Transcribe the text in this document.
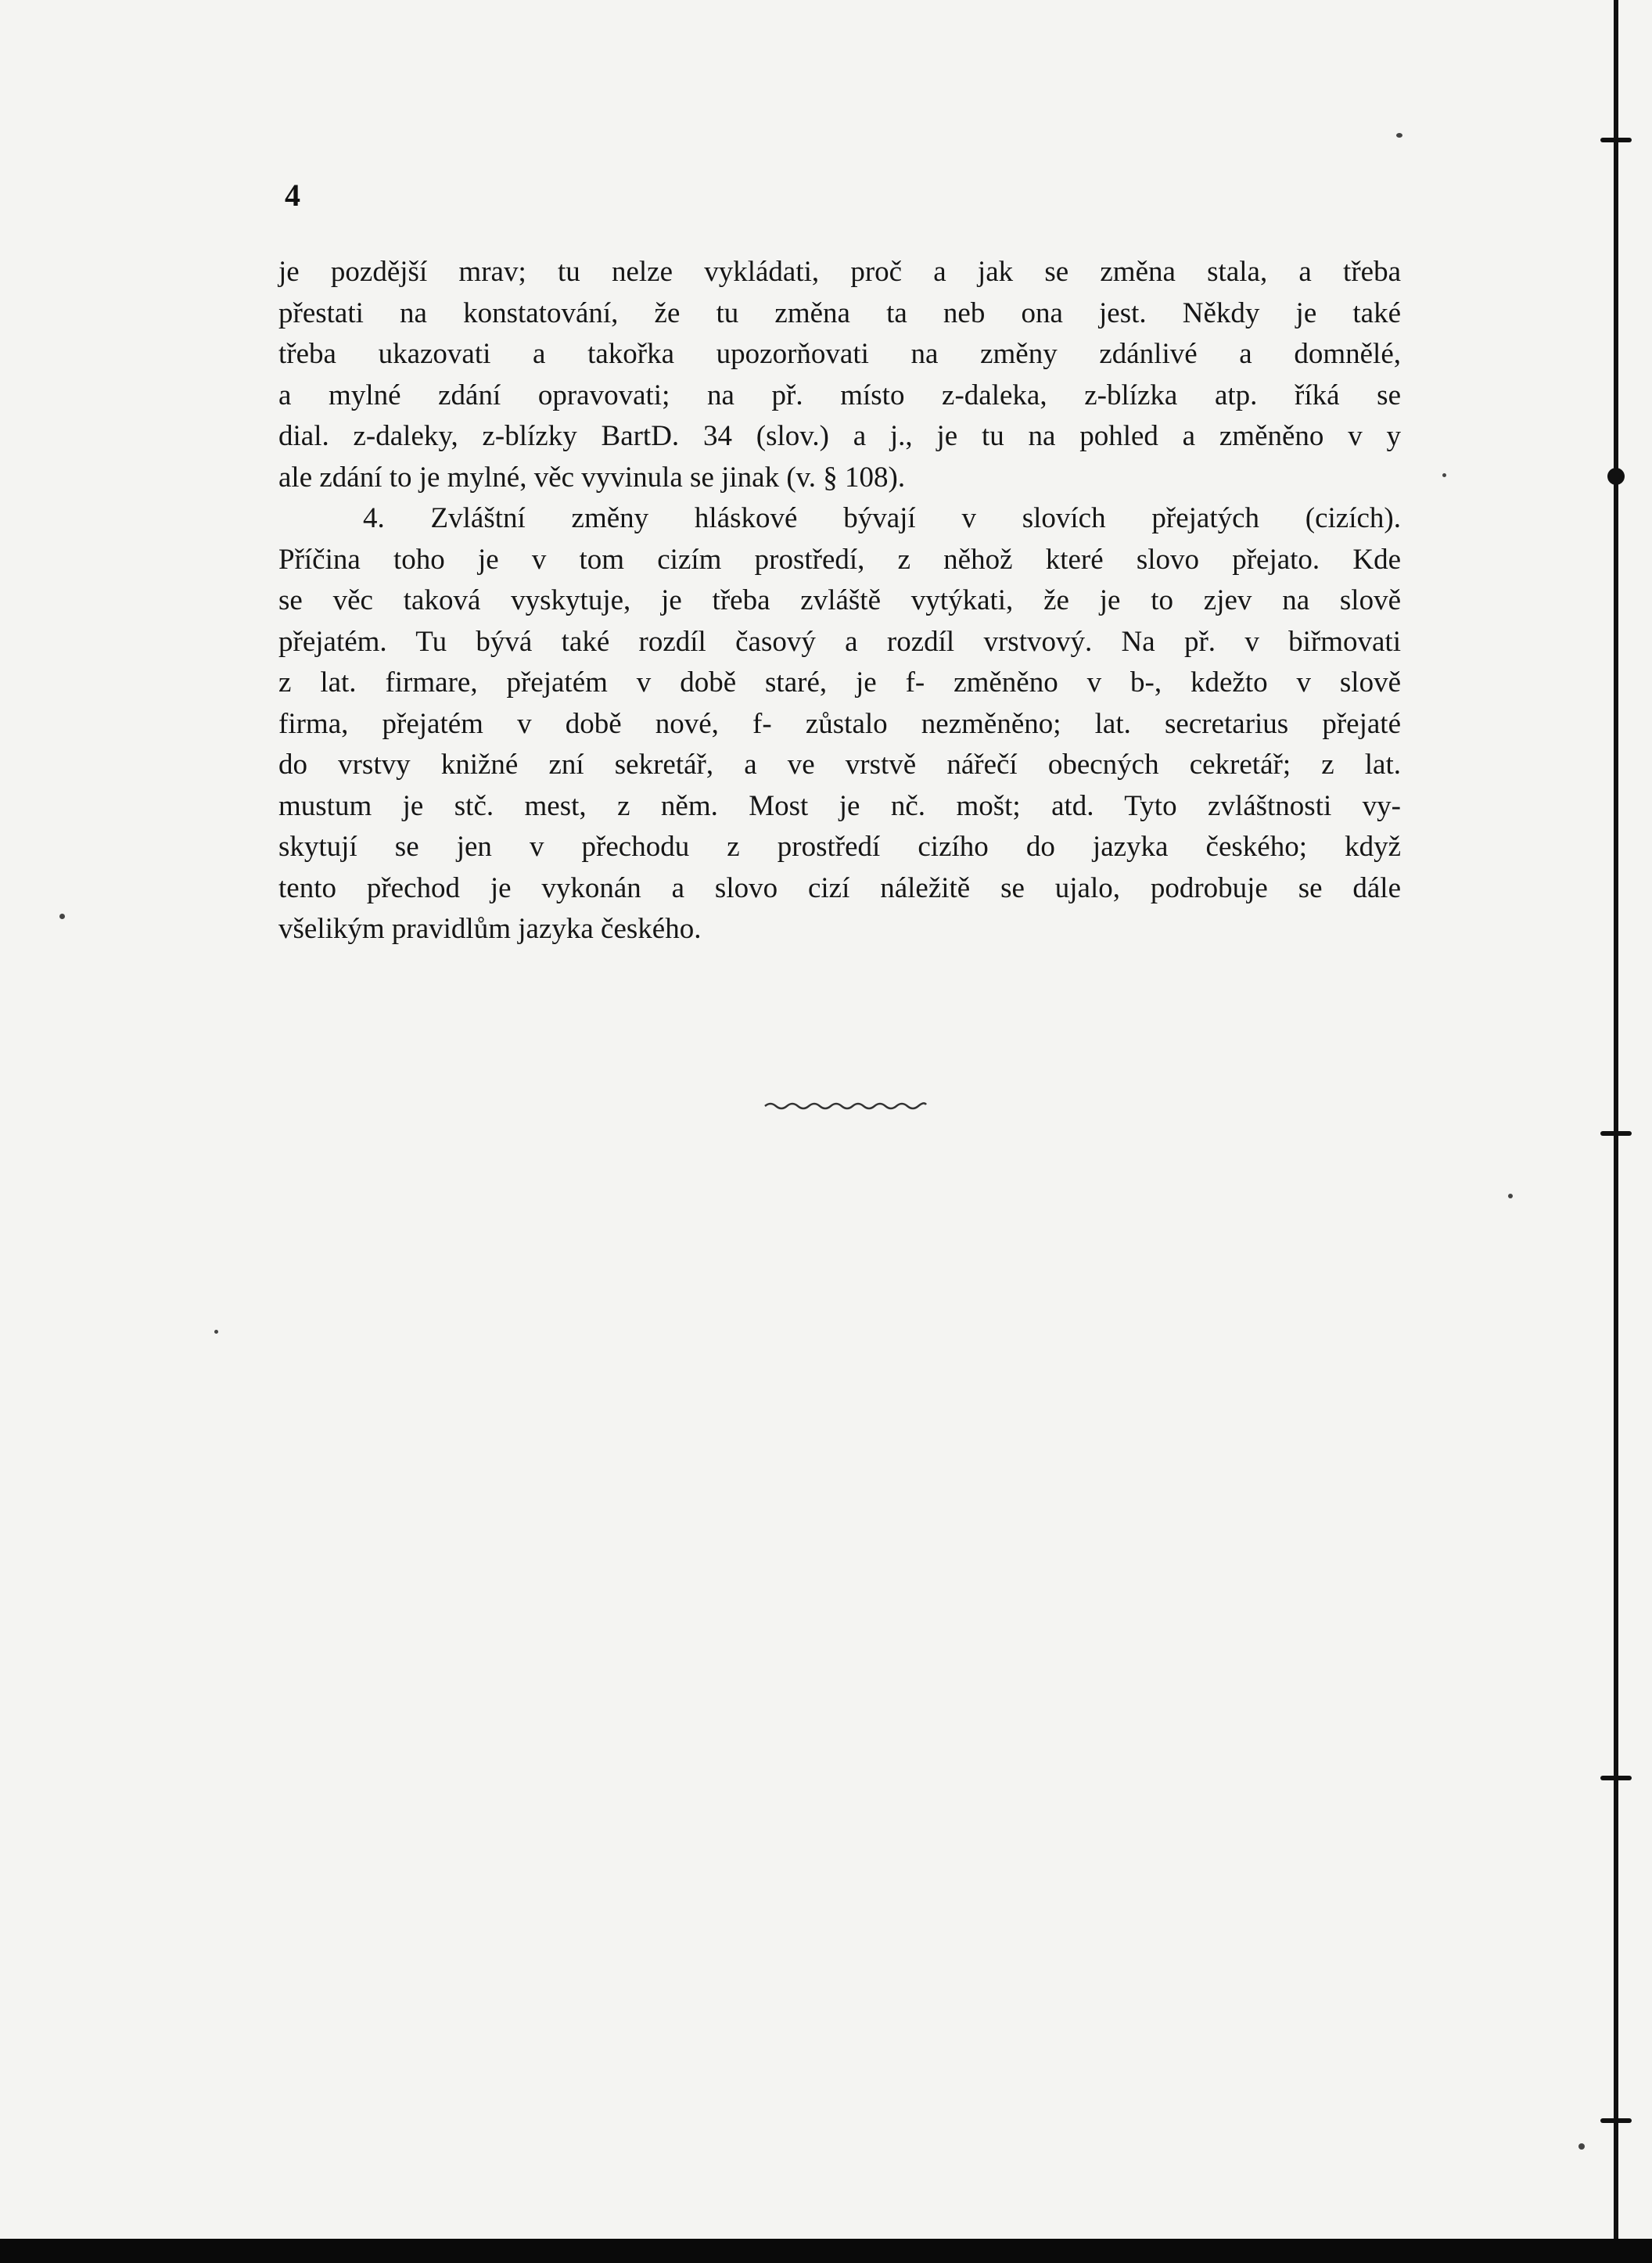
4
je pozdější mrav; tu nelze vykládati, proč a jak se změna stala, a třeba
přestati na konstatování, že tu změna ta neb ona jest. Někdy je také
třeba ukazovati a takořka upozorňovati na změny zdánlivé a domnělé,
a mylné zdání opravovati; na př. místo z-daleka, z-blízka atp. říká se
dial. z-daleky, z-blízky BartD. 34 (slov.) a j., je tu na pohled a změněno v y
ale zdání to je mylné, věc vyvinula se jinak (v. § 108).
4. Zvláštní změny hláskové bývají v slovích přejatých (cizích).
Příčina toho je v tom cizím prostředí, z něhož které slovo přejato. Kde
se věc taková vyskytuje, je třeba zvláště vytýkati, že je to zjev na slově
přejatém. Tu bývá také rozdíl časový a rozdíl vrstvový. Na př. v biřmovati
z lat. firmare, přejatém v době staré, je f- změněno v b-, kdežto v slově
firma, přejatém v době nové, f- zůstalo nezměněno; lat. secretarius přejaté
do vrstvy knižné zní sekretář, a ve vrstvě nářečí obecných cekretář; z lat.
mustum je stč. mest, z něm. Most je nč. mošt; atd. Tyto zvláštnosti vy-
skytují se jen v přechodu z prostředí cizího do jazyka českého; když
tento přechod je vykonán a slovo cizí náležitě se ujalo, podrobuje se dále
všelikým pravidlům jazyka českého.
